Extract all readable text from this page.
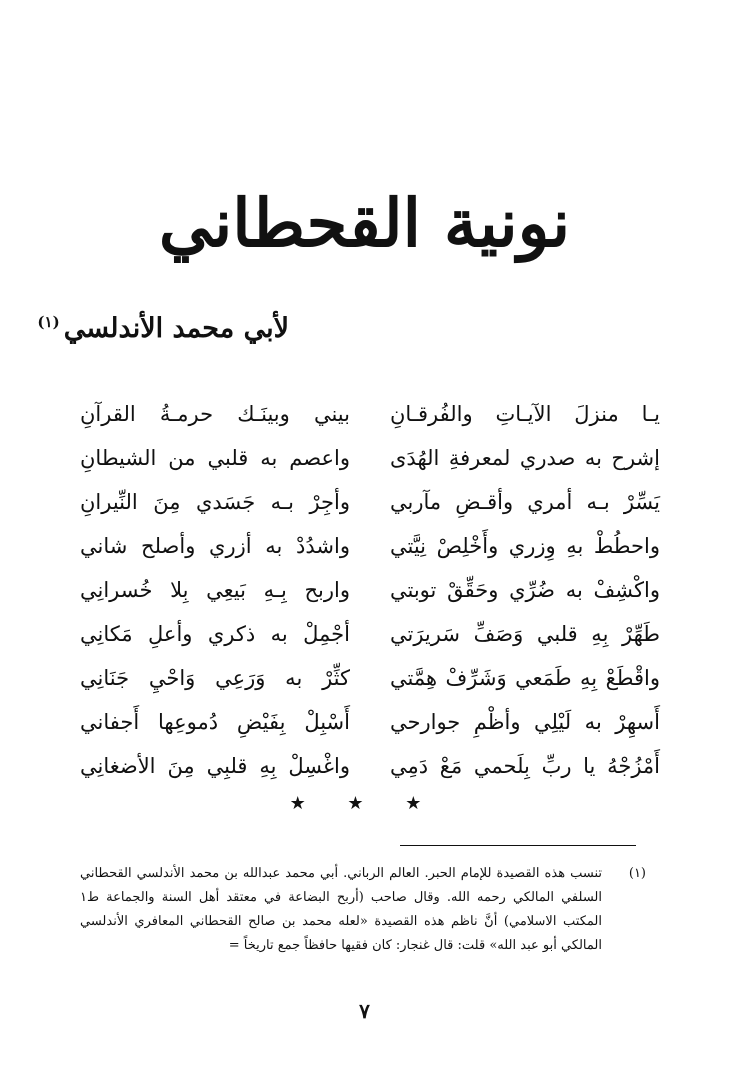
نونية القحطاني
لأبي محمد الأندلسي$^{(١)}$
يـا منزلَ الآيـاتِ والفُرقـانِ
بيني وبينَـك حرمـةُ القرآنِ
إشرح به صدري لمعرفةِ الهُدَى
واعصم به قلبي من الشيطانِ
يَسِّرْ بـه أمري وأقـضِ مآربي
وأجِرْ بـه جَسَدي مِنَ النِّيرانِ
واحطُطْ بهِ وِزري وأَخْلِصْ نِيَّتي
واشدُدْ به أزري وأصلح شاني
واكْشِفْ به ضُرِّي وحَقِّقْ توبتي
واربح بِـهِ بَيعِي بِلا خُسرانِي
طَهِّرْ بِهِ قلبي وَصَفِّ سَريرَتي
أجْمِلْ به ذكري وأعلِ مَكانِي
واقْطَعْ بِهِ طَمَعي وَشَرِّفْ هِمَّتي
كثِّرْ به وَرَعِي وَاحْيِ جَنَانِي
أَسهِرْ به لَيْلِي وأظْمِ جوارحي
أَسْبِلْ بِفَيْضِ دُموعِها أَجفاني
أَمْزُجْهُ يا ربِّ بِلَحمي مَعْ دَمِي
واغْسِلْ بِهِ قلبِي مِنَ الأضغانِي
★ ★ ★
(١)
تنسب هذه القصيدة للإمام الحبر. العالم الرباني. أبي محمد عبدالله بن محمد الأندلسي القحطاني السلفي المالكي رحمه الله. وقال صاحب (أربح البضاعة في معتقد أهل السنة والجماعة ط١ المكتب الاسلامي) أنَّ ناظم هذه القصيدة «لعله محمد بن صالح القحطاني المعافري الأندلسي المالكي أبو عبد الله» قلت: قال غنجار: كان فقيها حافظاً جمع تاريخاً =
٧
